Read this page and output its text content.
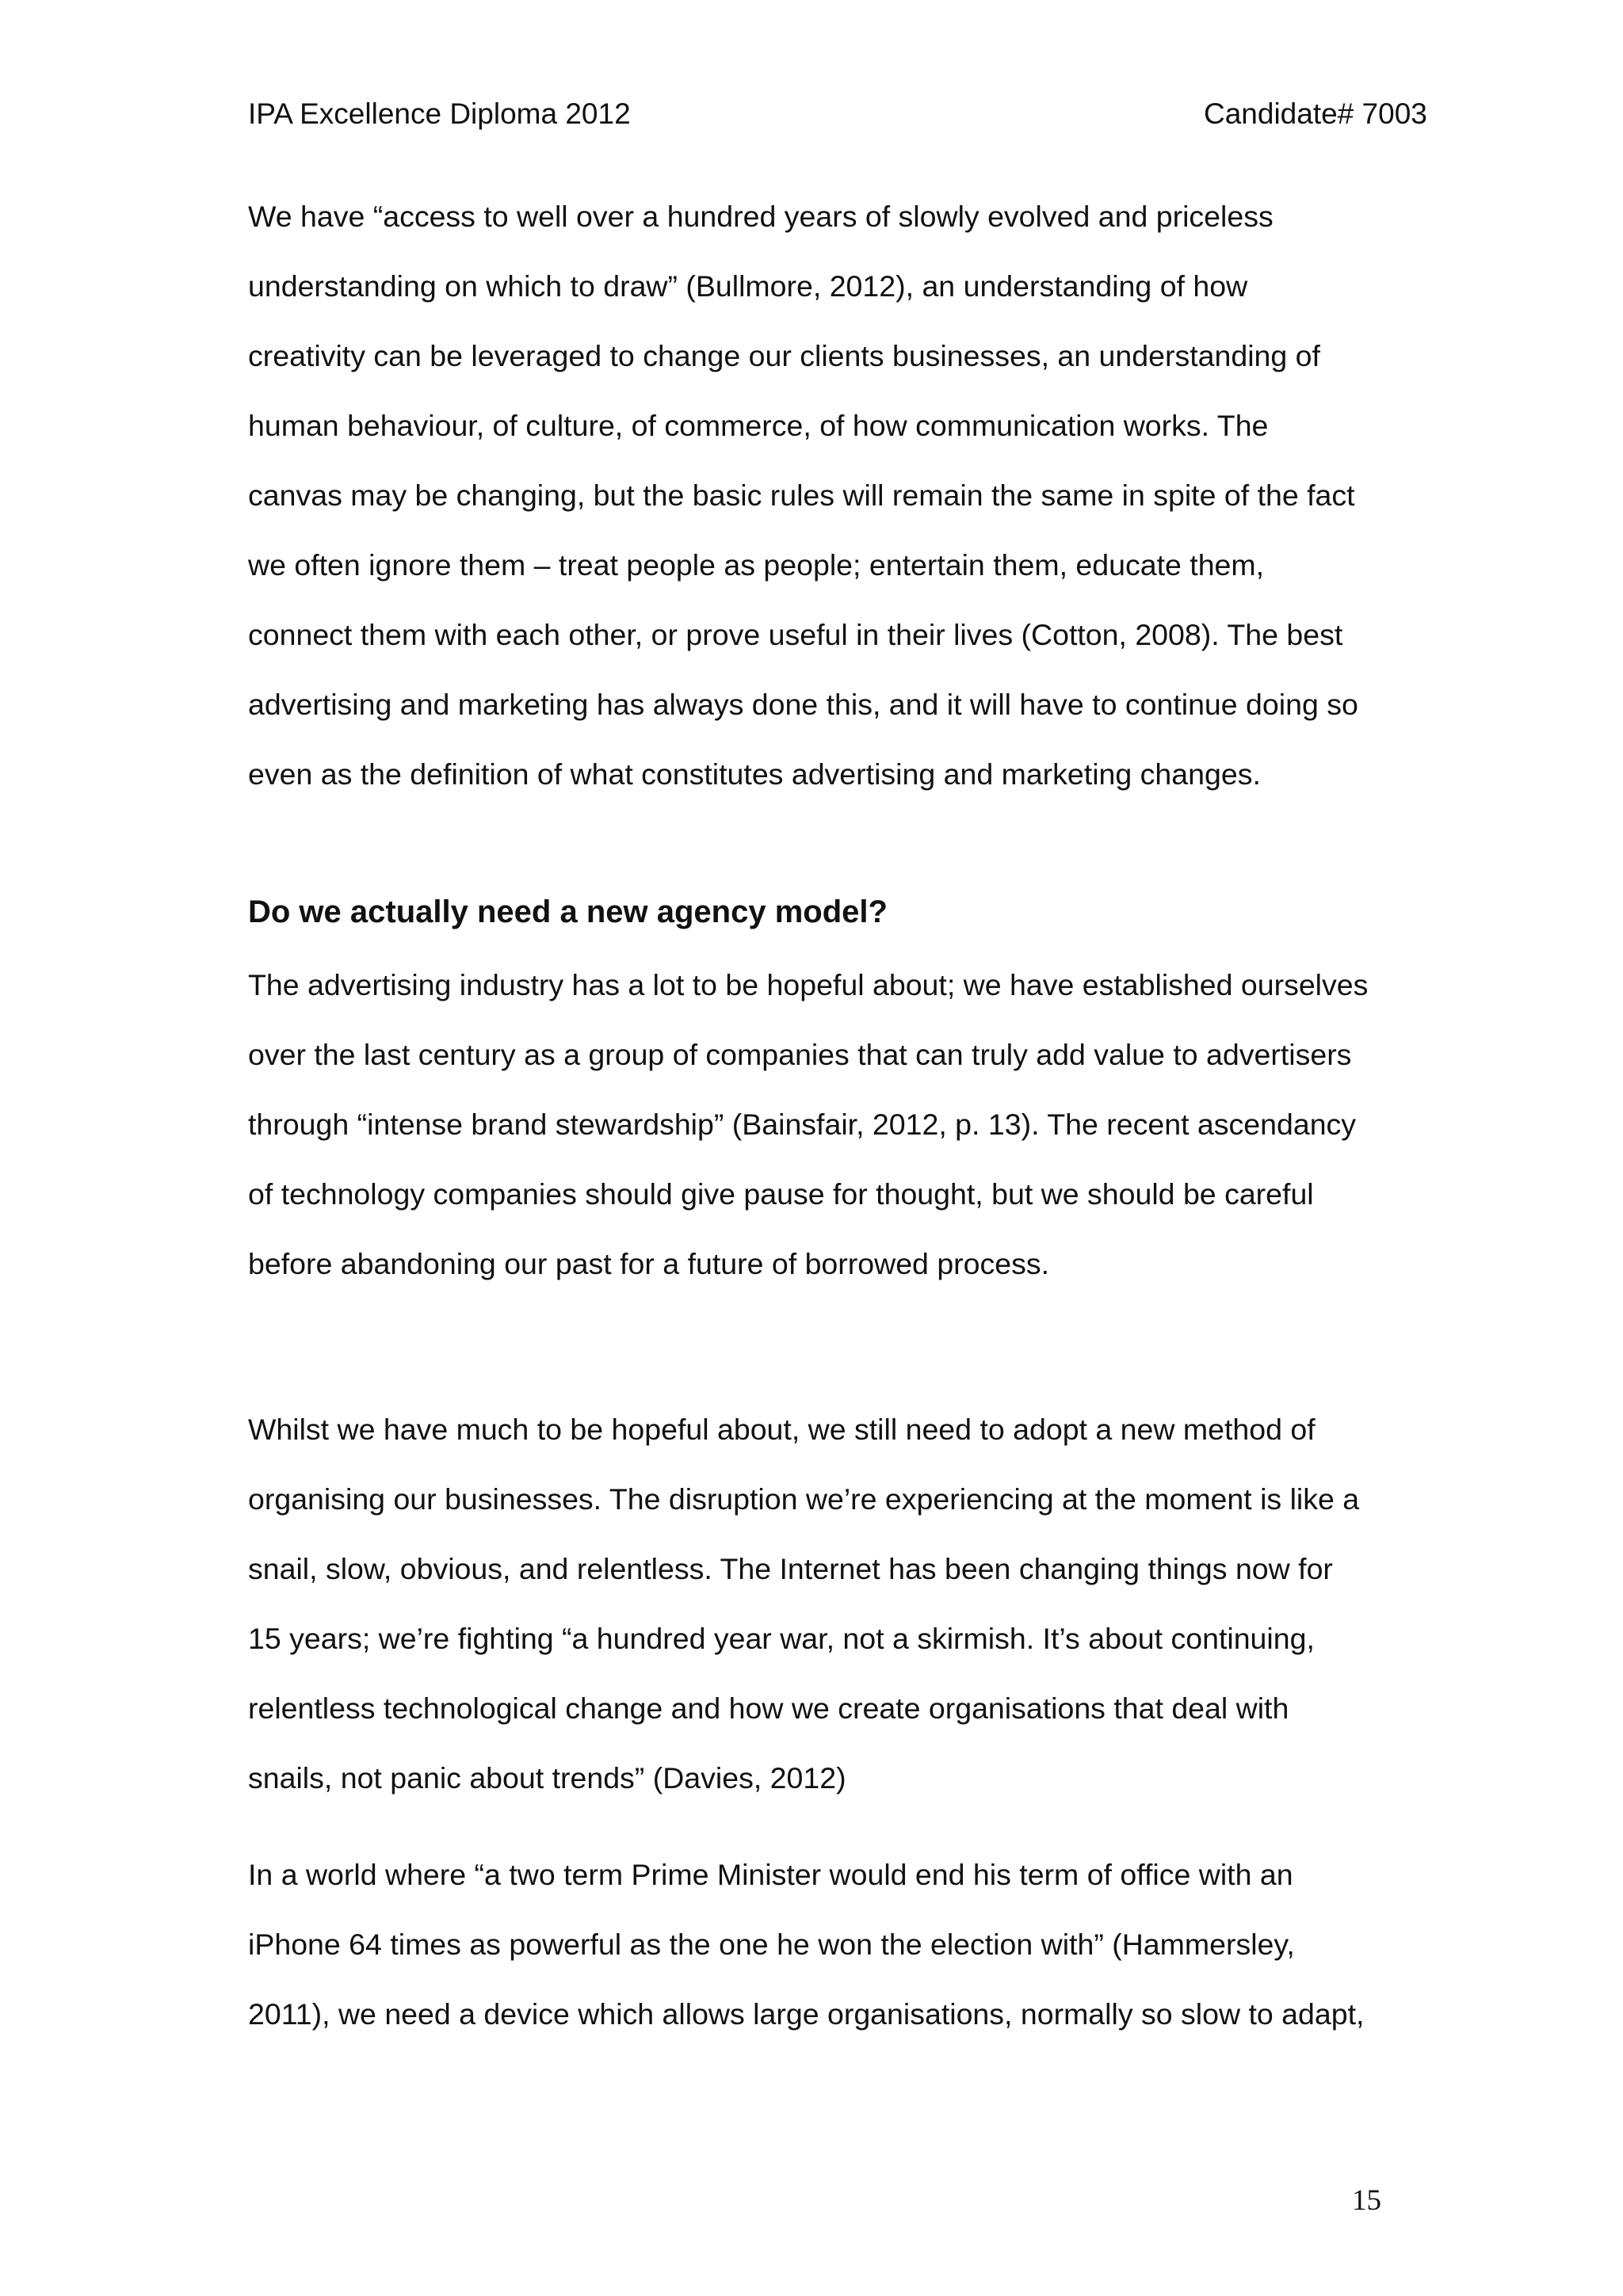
IPA Excellence Diploma 2012	Candidate# 7003
We have “access to well over a hundred years of slowly evolved and priceless
understanding on which to draw” (Bullmore, 2012), an understanding of how
creativity can be leveraged to change our clients businesses, an understanding of
human behaviour, of culture, of commerce, of how communication works. The
canvas may be changing, but the basic rules will remain the same in spite of the fact
we often ignore them – treat people as people; entertain them, educate them,
connect them with each other, or prove useful in their lives (Cotton, 2008). The best
advertising and marketing has always done this, and it will have to continue doing so
even as the definition of what constitutes advertising and marketing changes.
Do we actually need a new agency model?
The advertising industry has a lot to be hopeful about; we have established ourselves
over the last century as a group of companies that can truly add value to advertisers
through “intense brand stewardship” (Bainsfair, 2012, p. 13). The recent ascendancy
of technology companies should give pause for thought, but we should be careful
before abandoning our past for a future of borrowed process.
Whilst we have much to be hopeful about, we still need to adopt a new method of
organising our businesses. The disruption we’re experiencing at the moment is like a
snail, slow, obvious, and relentless. The Internet has been changing things now for
15 years; we’re fighting “a hundred year war, not a skirmish. It’s about continuing,
relentless technological change and how we create organisations that deal with
snails, not panic about trends” (Davies, 2012)
In a world where “a two term Prime Minister would end his term of office with an
iPhone 64 times as powerful as the one he won the election with” (Hammersley,
2011), we need a device which allows large organisations, normally so slow to adapt,
15
